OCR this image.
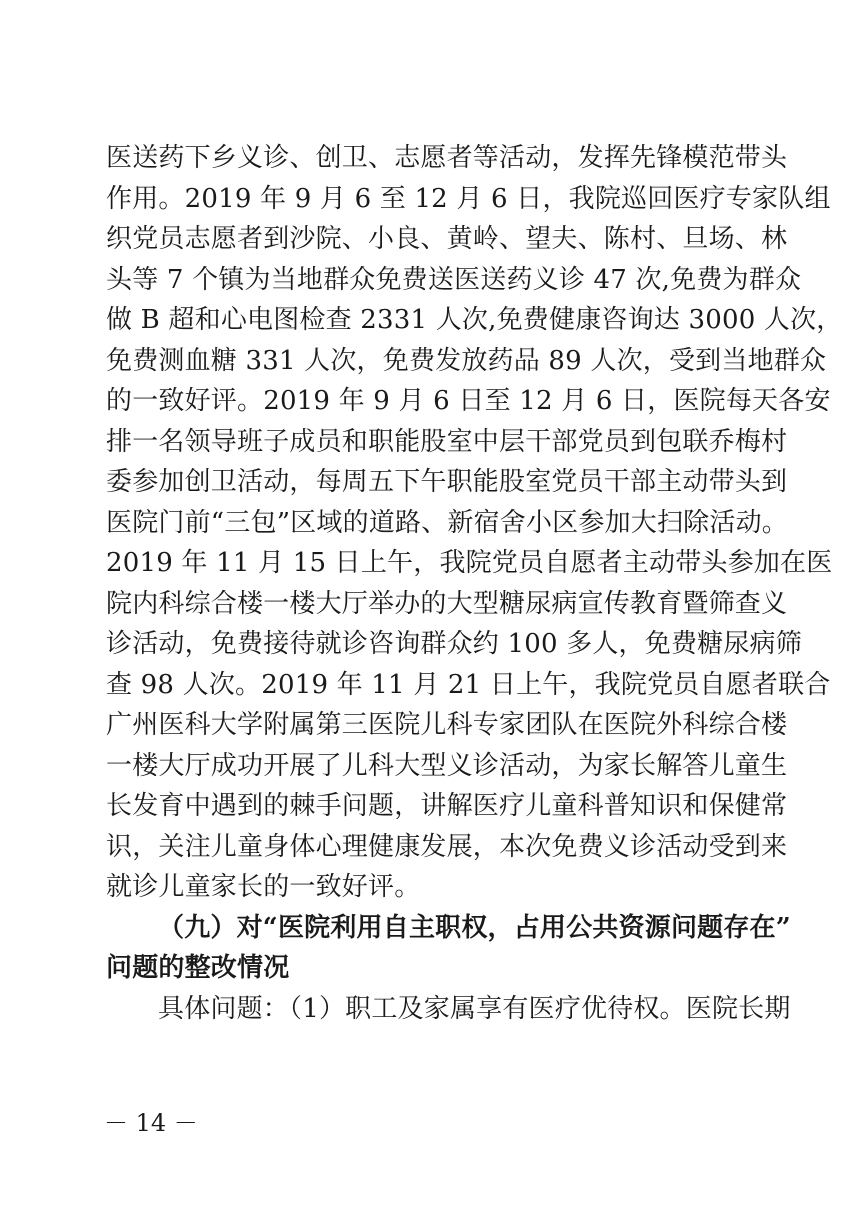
医送药下乡义诊、创卫、志愿者等活动，发挥先锋模范带头
作用。2019 年 9 月 6 至 12 月 6 日，我院巡回医疗专家队组
织党员志愿者到沙院、小良、黄岭、望夫、陈村、旦场、林
头等 7 个镇为当地群众免费送医送药义诊 47 次,免费为群众
做 B 超和心电图检查 2331 人次,免费健康咨询达 3000 人次，
免费测血糖 331 人次，免费发放药品 89 人次，受到当地群众
的一致好评。2019 年 9 月 6 日至 12 月 6 日，医院每天各安
排一名领导班子成员和职能股室中层干部党员到包联乔梅村
委参加创卫活动，每周五下午职能股室党员干部主动带头到
医院门前“三包”区域的道路、新宿舍小区参加大扫除活动。
2019 年 11 月 15 日上午，我院党员自愿者主动带头参加在医
院内科综合楼一楼大厅举办的大型糖尿病宣传教育暨筛查义
诊活动，免费接待就诊咨询群众约 100 多人，免费糖尿病筛
查 98 人次。2019 年 11 月 21 日上午，我院党员自愿者联合
广州医科大学附属第三医院儿科专家团队在医院外科综合楼
一楼大厅成功开展了儿科大型义诊活动，为家长解答儿童生
长发育中遇到的棘手问题，讲解医疗儿童科普知识和保健常
识，关注儿童身体心理健康发展，本次免费义诊活动受到来
就诊儿童家长的一致好评。
（九）对“医院利用自主职权，占用公共资源问题存在”
问题的整改情况
具体问题：（1）职工及家属享有医疗优待权。医院长期
－ 14 －
